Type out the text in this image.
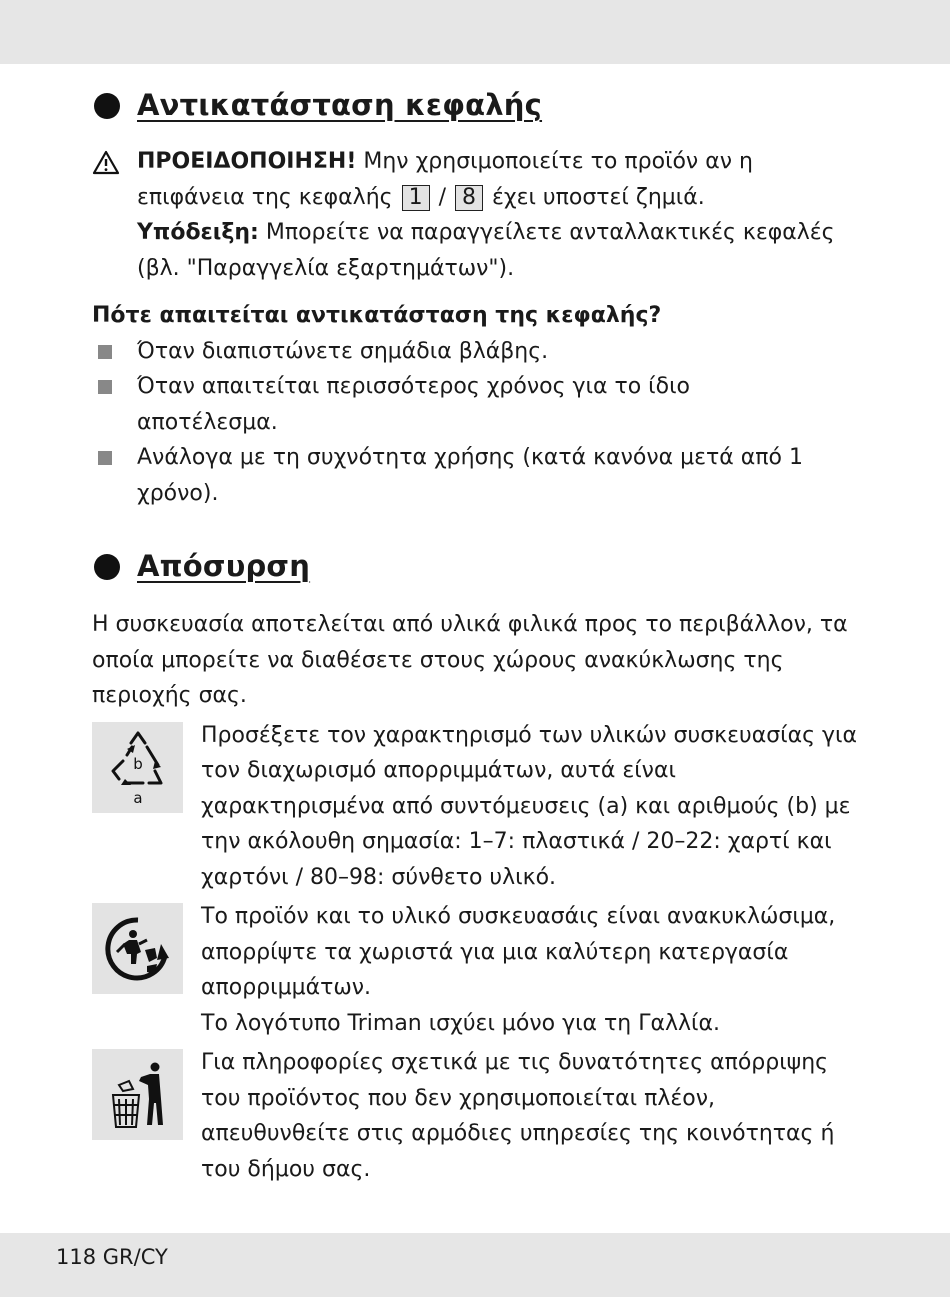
Αντικατάσταση κεφαλής
ΠΡΟΕΙΔΟΠΟΙΗΣΗ! Μην χρησιμοποιείτε το προϊόν αν η επιφάνεια της κεφαλής 1 / 8 έχει υποστεί ζημιά.
Υπόδειξη: Μπορείτε να παραγγείλετε ανταλλακτικές κεφαλές (βλ. "Παραγγελία εξαρτημάτων").
Πότε απαιτείται αντικατάσταση της κεφαλής?
Όταν διαπιστώνετε σημάδια βλάβης.
Όταν απαιτείται περισσότερος χρόνος για το ίδιο αποτέλεσμα.
Ανάλογα με τη συχνότητα χρήσης (κατά κανόνα μετά από 1 χρόνο).
Απόσυρση

Η συσκευασία αποτελείται από υλικά φιλικά προς το περιβάλλον, τα οποία μπορείτε να διαθέσετε στους χώρους ανακύκλωσης της περιοχής σας.

b
a

Προσέξετε τον χαρακτηρισμό των υλικών συσκευασίας για τον διαχωρισμό απορριμμάτων, αυτά είναι χαρακτηρισμένα από συντόμευσεις (a) και αριθμούς (b) με την ακόλουθη σημασία: 1–7: πλαστικά / 20–22: χαρτί και χαρτόνι / 80–98: σύνθετο υλικό.

Το προϊόν και το υλικό συσκευασάις είναι ανακυκλώσιμα, απορρίψτε τα χωριστά για μια καλύτερη κατεργασία απορριμμάτων.

Το λογότυπο Triman ισχύει μόνο για τη Γαλλία.

Για πληροφορίες σχετικά με τις δυνατότητες απόρριψης του προϊόντος που δεν χρησιμοποιείται πλέον, απευθυνθείτε στις αρμόδιες υπηρεσίες της κοινότητας ή του δήμου σας.

118 GR/CY
